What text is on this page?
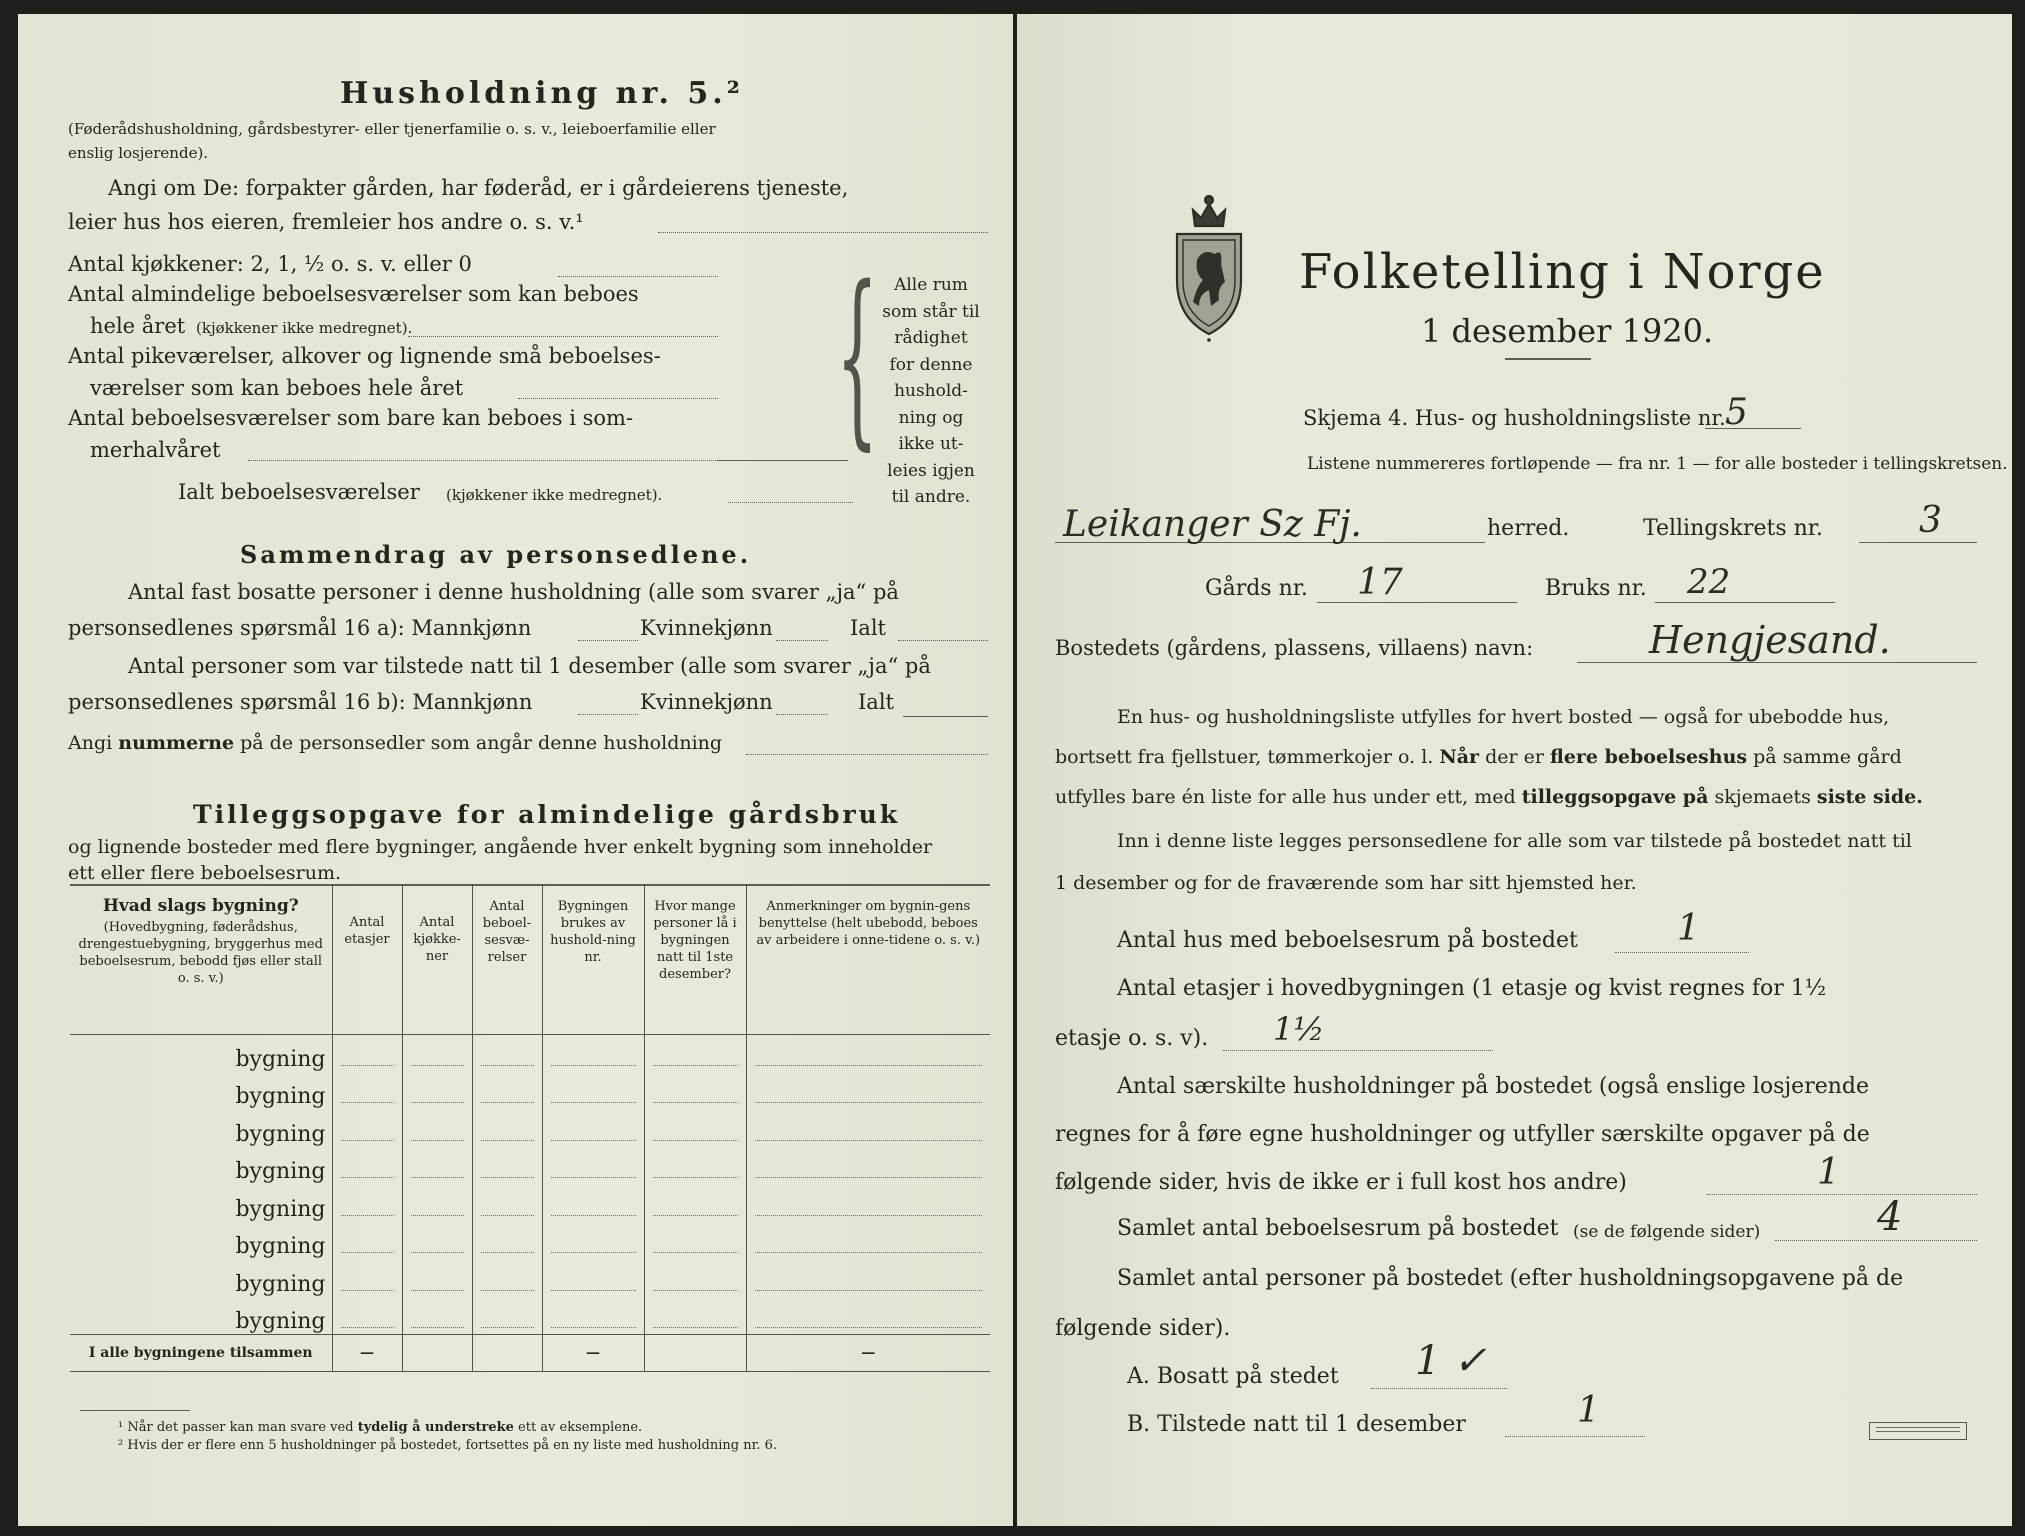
Husholdning nr. 5.²
(Føderådshusholdning, gårdsbestyrer- eller tjenerfamilie o. s. v., leieboerfamilie eller
enslig losjerende).
Angi om De: forpakter gården, har føderåd, er i gårdeierens tjeneste,
leier hus hos eieren, fremleier hos andre o. s. v.¹
Antal kjøkkener: 2, 1, ½ o. s. v. eller 0
Antal almindelige beboelsesværelser som kan beboes
hele året (kjøkkener ikke medregnet).
Antal pikeværelser, alkover og lignende små beboelses-
værelser som kan beboes hele året
Antal beboelsesværelser som bare kan beboes i som-
merhalvåret
Ialt beboelsesværelser (kjøkkener ikke medregnet).
{ Alle rum
som står til
rådighet
for denne
hushold-
ning og
ikke ut-
leies igjen
til andre.
Sammendrag av personsedlene.
Antal fast bosatte personer i denne husholdning (alle som svarer „ja“ på
personsedlenes spørsmål 16 a): Mannkjønn	Kvinnekjønn	Ialt
Antal personer som var tilstede natt til 1 desember (alle som svarer „ja“ på
personsedlenes spørsmål 16 b): Mannkjønn	Kvinnekjønn	Ialt
Angi nummerne på de personsedler som angår denne husholdning
Tilleggsopgave for almindelige gårdsbruk
og lignende bosteder med flere bygninger, angående hver enkelt bygning som inneholder
ett eller flere beboelsesrum.
Hvad slags bygning?
(Hovedbygning, føderådshus, drengestuebygning, bryggerhus med beboelsesrum, bebodd fjøs eller stall o. s. v.)	Antal etasjer	Antal kjøkke-ner	Antal beboel-sesvæ-relser	Bygningen brukes av hushold-ning nr.	Hvor mange personer lå i bygningen natt til 1ste desember?	Anmerkninger om bygnin-gens benyttelse (helt ubebodd, beboes av arbeidere i onne-tidene o. s. v.)

bygning	

bygning	

bygning	

bygning	

bygning	

bygning	

bygning	

bygning	

I alle bygningene tilsammen	—			—		—
¹ Når det passer kan man svare ved tydelig å understreke ett av eksemplene.
² Hvis der er flere enn 5 husholdninger på bostedet, fortsettes på en ny liste med husholdning nr. 6.
Folketelling i Norge
1 desember 1920.
Skjema 4. Hus- og husholdningsliste nr. 5
Listene nummereres fortløpende — fra nr. 1 — for alle bosteder i tellingskretsen.
Leikanger Sz Fj.	herred.	Tellingskrets nr.	3
Gårds nr. 17	Bruks nr. 22
Bostedets (gårdens, plassens, villaens) navn:	Hengjesand.
En hus- og husholdningsliste utfylles for hvert bosted — også for ubebodde hus,
bortsett fra fjellstuer, tømmerkojer o. l. Når der er flere beboelseshus på samme gård
utfylles bare én liste for alle hus under ett, med tilleggsopgave på skjemaets siste side.
Inn i denne liste legges personsedlene for alle som var tilstede på bostedet natt til
1 desember og for de fraværende som har sitt hjemsted her.
Antal hus med beboelsesrum på bostedet	1
Antal etasjer i hovedbygningen (1 etasje og kvist regnes for 1½
etasje o. s. v). 1½
Antal særskilte husholdninger på bostedet (også enslige losjerende
regnes for å føre egne husholdninger og utfyller særskilte opgaver på de
følgende sider, hvis de ikke er i full kost hos andre)	1
Samlet antal beboelsesrum på bostedet (se de følgende sider)	4
Samlet antal personer på bostedet (efter husholdningsopgavene på de
følgende sider).
A. Bosatt på stedet 1 ✓
B. Tilstede natt til 1 desember	1
